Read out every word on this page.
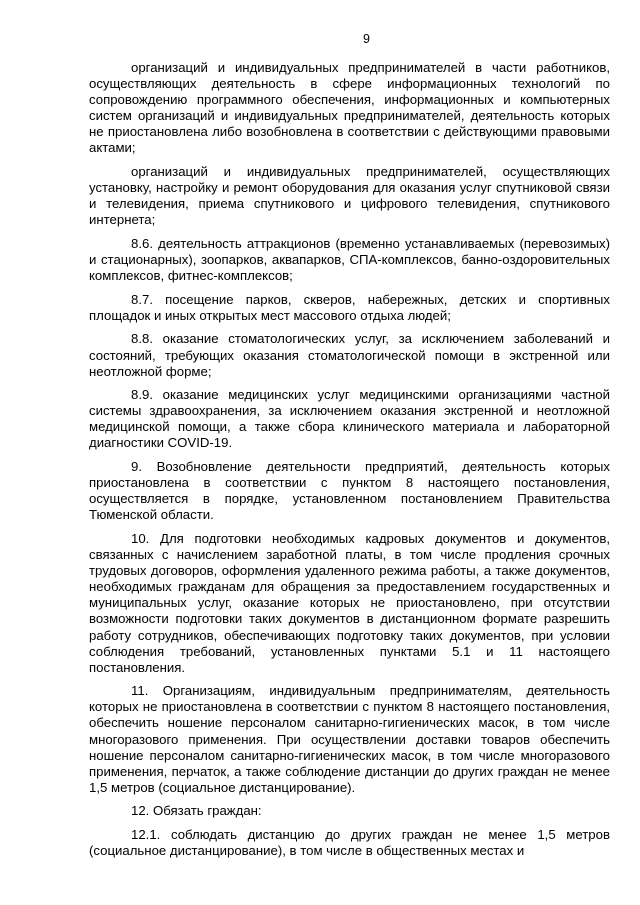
9

организаций и индивидуальных предпринимателей в части работников, осуществляющих деятельность в сфере информационных технологий по сопровождению программного обеспечения, информационных и компьютерных систем организаций и индивидуальных предпринимателей, деятельность которых не приостановлена либо возобновлена в соответствии с действующими правовыми актами;

организаций и индивидуальных предпринимателей, осуществляющих установку, настройку и ремонт оборудования для оказания услуг спутниковой связи и телевидения, приема спутникового и цифрового телевидения, спутникового интернета;

8.6. деятельность аттракционов (временно устанавливаемых (перевозимых) и стационарных), зоопарков, аквапарков, СПА-комплексов, банно-оздоровительных комплексов, фитнес-комплексов;

8.7. посещение парков, скверов, набережных, детских и спортивных площадок и иных открытых мест массового отдыха людей;

8.8. оказание стоматологических услуг, за исключением заболеваний и состояний, требующих оказания стоматологической помощи в экстренной или неотложной форме;

8.9. оказание медицинских услуг медицинскими организациями частной системы здравоохранения, за исключением оказания экстренной и неотложной медицинской помощи, а также сбора клинического материала и лабораторной диагностики COVID-19.

9. Возобновление деятельности предприятий, деятельность которых приостановлена в соответствии с пунктом 8 настоящего постановления, осуществляется в порядке, установленном постановлением Правительства Тюменской области.

10. Для подготовки необходимых кадровых документов и документов, связанных с начислением заработной платы, в том числе продления срочных трудовых договоров, оформления удаленного режима работы, а также документов, необходимых гражданам для обращения за предоставлением государственных и муниципальных услуг, оказание которых не приостановлено, при отсутствии возможности подготовки таких документов в дистанционном формате разрешить работу сотрудников, обеспечивающих подготовку таких документов, при условии соблюдения требований, установленных пунктами 5.1 и 11 настоящего постановления.

11. Организациям, индивидуальным предпринимателям, деятельность которых не приостановлена в соответствии с пунктом 8 настоящего постановления, обеспечить ношение персоналом санитарно-гигиенических масок, в том числе многоразового применения. При осуществлении доставки товаров обеспечить ношение персоналом санитарно-гигиенических масок, в том числе многоразового применения, перчаток, а также соблюдение дистанции до других граждан не менее 1,5 метров (социальное дистанцирование).

12. Обязать граждан:

12.1. соблюдать дистанцию до других граждан не менее 1,5 метров (социальное дистанцирование), в том числе в общественных местах и
